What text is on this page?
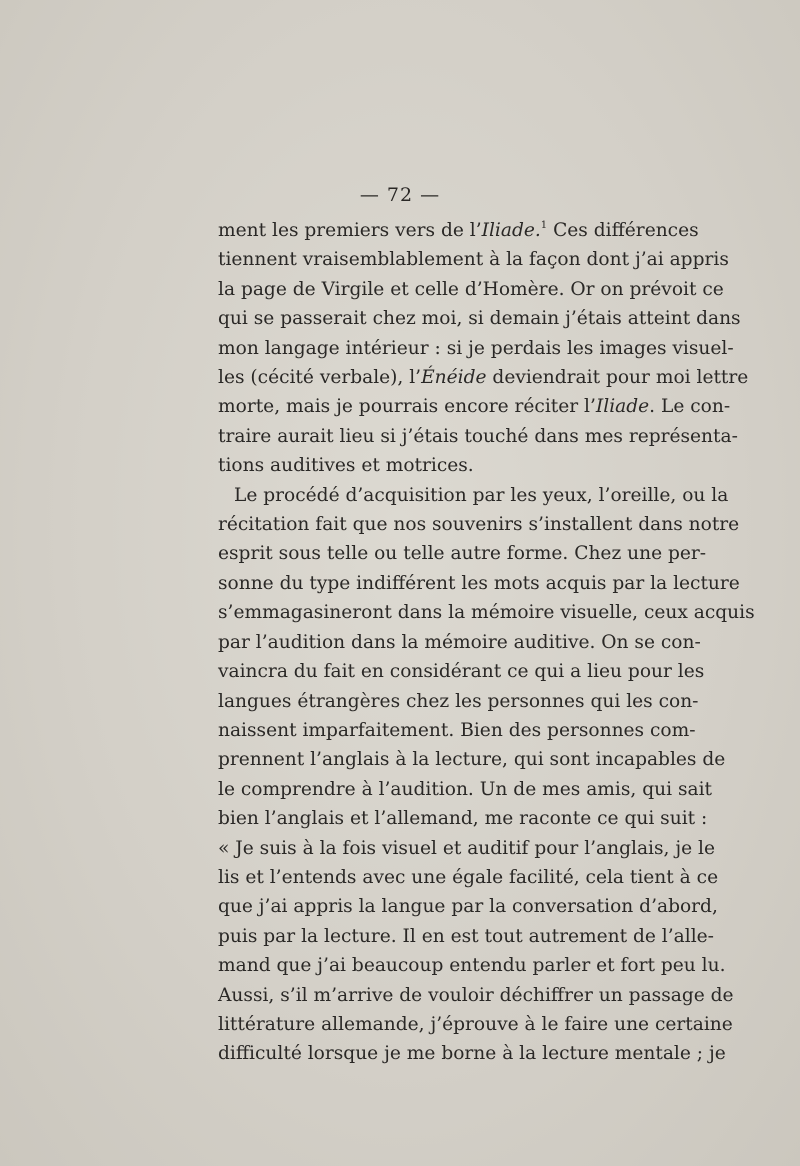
— 72 —
ment les premiers vers de l’Iliade.$^1$ Ces différences
tiennent vraisemblablement à la façon dont j’ai appris
la page de Virgile et celle d’Homère. Or on prévoit ce
qui se passerait chez moi, si demain j’étais atteint dans
mon langage intérieur : si je perdais les images visuel-
les (cécité verbale), l’Énéide deviendrait pour moi lettre
morte, mais je pourrais encore réciter l’Iliade. Le con-
traire aurait lieu si j’étais touché dans mes représenta-
tions auditives et motrices.
Le procédé d’acquisition par les yeux, l’oreille, ou la
récitation fait que nos souvenirs s’installent dans notre
esprit sous telle ou telle autre forme. Chez une per-
sonne du type indifférent les mots acquis par la lecture
s’emmagasineront dans la mémoire visuelle, ceux acquis
par l’audition dans la mémoire auditive. On se con-
vaincra du fait en considérant ce qui a lieu pour les
langues étrangères chez les personnes qui les con-
naissent imparfaitement. Bien des personnes com-
prennent l’anglais à la lecture, qui sont incapables de
le comprendre à l’audition. Un de mes amis, qui sait
bien l’anglais et l’allemand, me raconte ce qui suit :
« Je suis à la fois visuel et auditif pour l’anglais, je le
lis et l’entends avec une égale facilité, cela tient à ce
que j’ai appris la langue par la conversation d’abord,
puis par la lecture. Il en est tout autrement de l’alle-
mand que j’ai beaucoup entendu parler et fort peu lu.
Aussi, s’il m’arrive de vouloir déchiffrer un passage de
littérature allemande, j’éprouve à le faire une certaine
difficulté lorsque je me borne à la lecture mentale ; je
